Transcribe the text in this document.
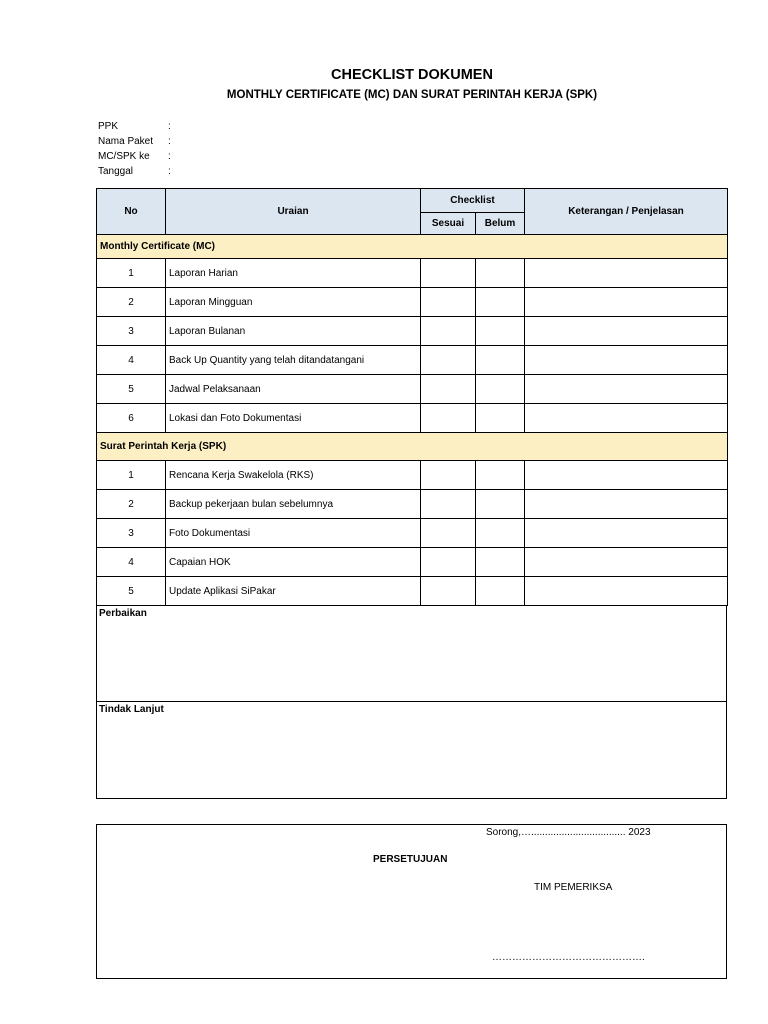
CHECKLIST DOKUMEN
MONTHLY CERTIFICATE (MC) DAN SURAT PERINTAH KERJA (SPK)
PPK	:
Nama Paket	:
MC/SPK ke	:
Tanggal	:
No	Uraian	Checklist		Keterangan / Penjelasan
		Sesuai	Belum	
Monthly Certificate (MC)				
1	Laporan Harian			
2	Laporan Mingguan			
3	Laporan Bulanan			
4	Back Up Quantity yang telah ditandatangani			
5	Jadwal Pelaksanaan			
6	Lokasi dan Foto Dokumentasi			
Surat Perintah Kerja (SPK)				
1	Rencana Kerja Swakelola (RKS)			
2	Backup pekerjaan bulan sebelumnya			
3	Foto Dokumentasi			
4	Capaian HOK			
5	Update Aplikasi SiPakar			
Perbaikan
Tindak Lanjut
Sorong,….................................. 2023
PERSETUJUAN
TIM PEMERIKSA
……………………………………….
